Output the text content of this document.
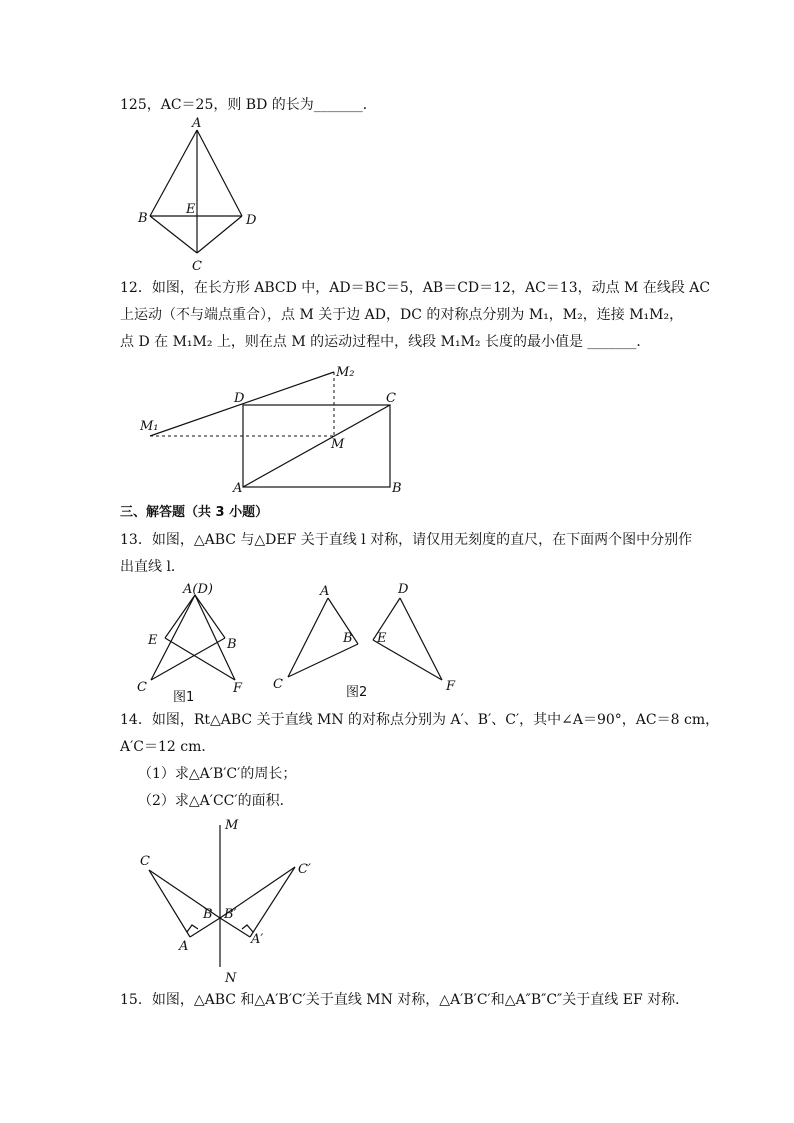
125，AC＝25，则 BD 的长为_______．
A
B
E
D
C
12．如图，在长方形 ABCD 中，AD＝BC＝5，AB＝CD＝12，AC＝13，动点 M 在线段 AC
上运动（不与端点重合），点 M 关于边 AD，DC 的对称点分别为 M₁，M₂，连接 M₁M₂，
点 D 在 M₁M₂ 上，则在点 M 的运动过程中，线段 M₁M₂ 长度的最小值是 _______．
M₂
D	C
M₁
M
A	B
三、解答题（共 3 小题）
13．如图，△ABC 与△DEF 关于直线 l 对称，请仅用无刻度的直尺，在下面两个图中分别作
出直线 l．
A(D)
E	B
C	F
图1
A
B
C
D
E
F
图2
14．如图，Rt△ABC 关于直线 MN 的对称点分别为 A′、B′、C′，其中∠A＝90°，AC＝8 cm，
A′C＝12 cm．
（1）求△A′B′C′的周长；
（2）求△A′CC′的面积．
M
C
C′
B B′
A	A′
N
15．如图，△ABC 和△A′B′C′关于直线 MN 对称，△A′B′C′和△A″B″C″关于直线 EF 对称．
